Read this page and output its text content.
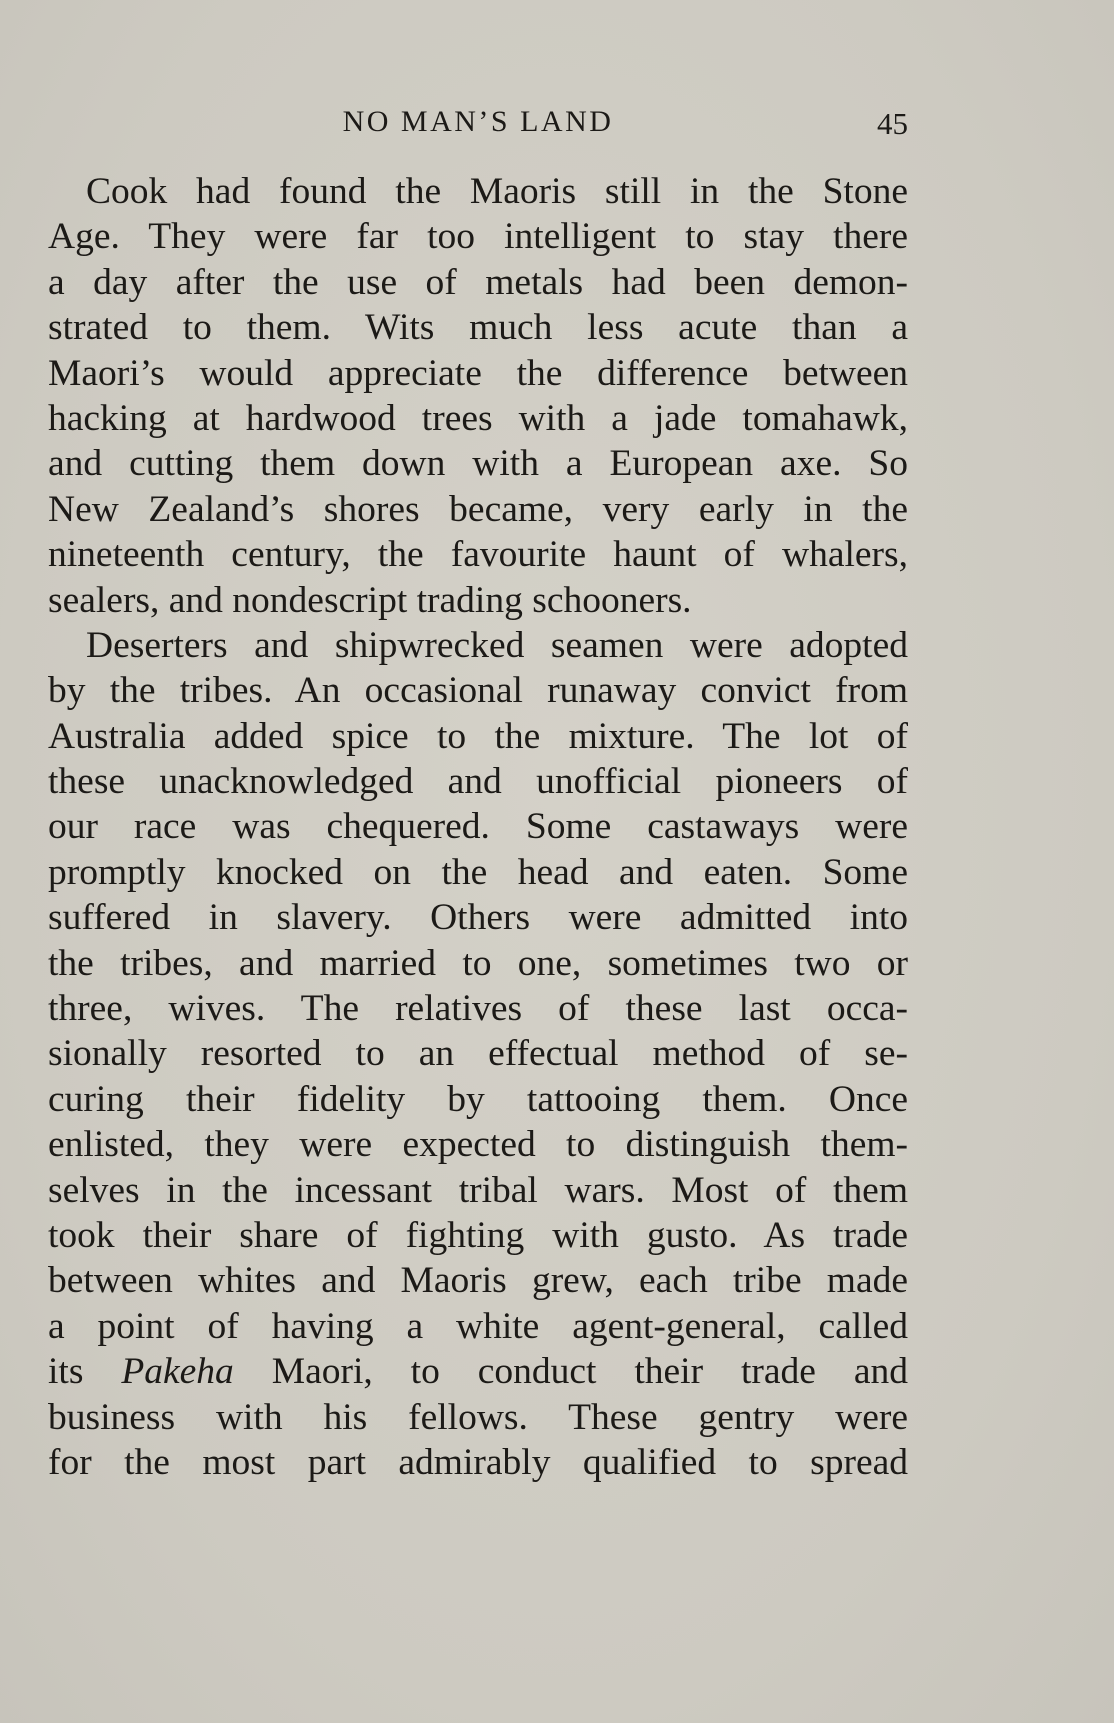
NO MAN’S LAND	45
Cook had found the Maoris still in the Stone
Age. They were far too intelligent to stay there
a day after the use of metals had been demon-
strated to them. Wits much less acute than a
Maori’s would appreciate the difference between
hacking at hardwood trees with a jade tomahawk,
and cutting them down with a European axe. So
New Zealand’s shores became, very early in the
nineteenth century, the favourite haunt of whalers,
sealers, and nondescript trading schooners.
Deserters and shipwrecked seamen were adopted
by the tribes. An occasional runaway convict from
Australia added spice to the mixture. The lot of
these unacknowledged and unofficial pioneers of
our race was chequered. Some castaways were
promptly knocked on the head and eaten. Some
suffered in slavery. Others were admitted into
the tribes, and married to one, sometimes two or
three, wives. The relatives of these last occa-
sionally resorted to an effectual method of se-
curing their fidelity by tattooing them. Once
enlisted, they were expected to distinguish them-
selves in the incessant tribal wars. Most of them
took their share of fighting with gusto. As trade
between whites and Maoris grew, each tribe made
a point of having a white agent-general, called
its Pakeha Maori, to conduct their trade and
business with his fellows. These gentry were
for the most part admirably qualified to spread
